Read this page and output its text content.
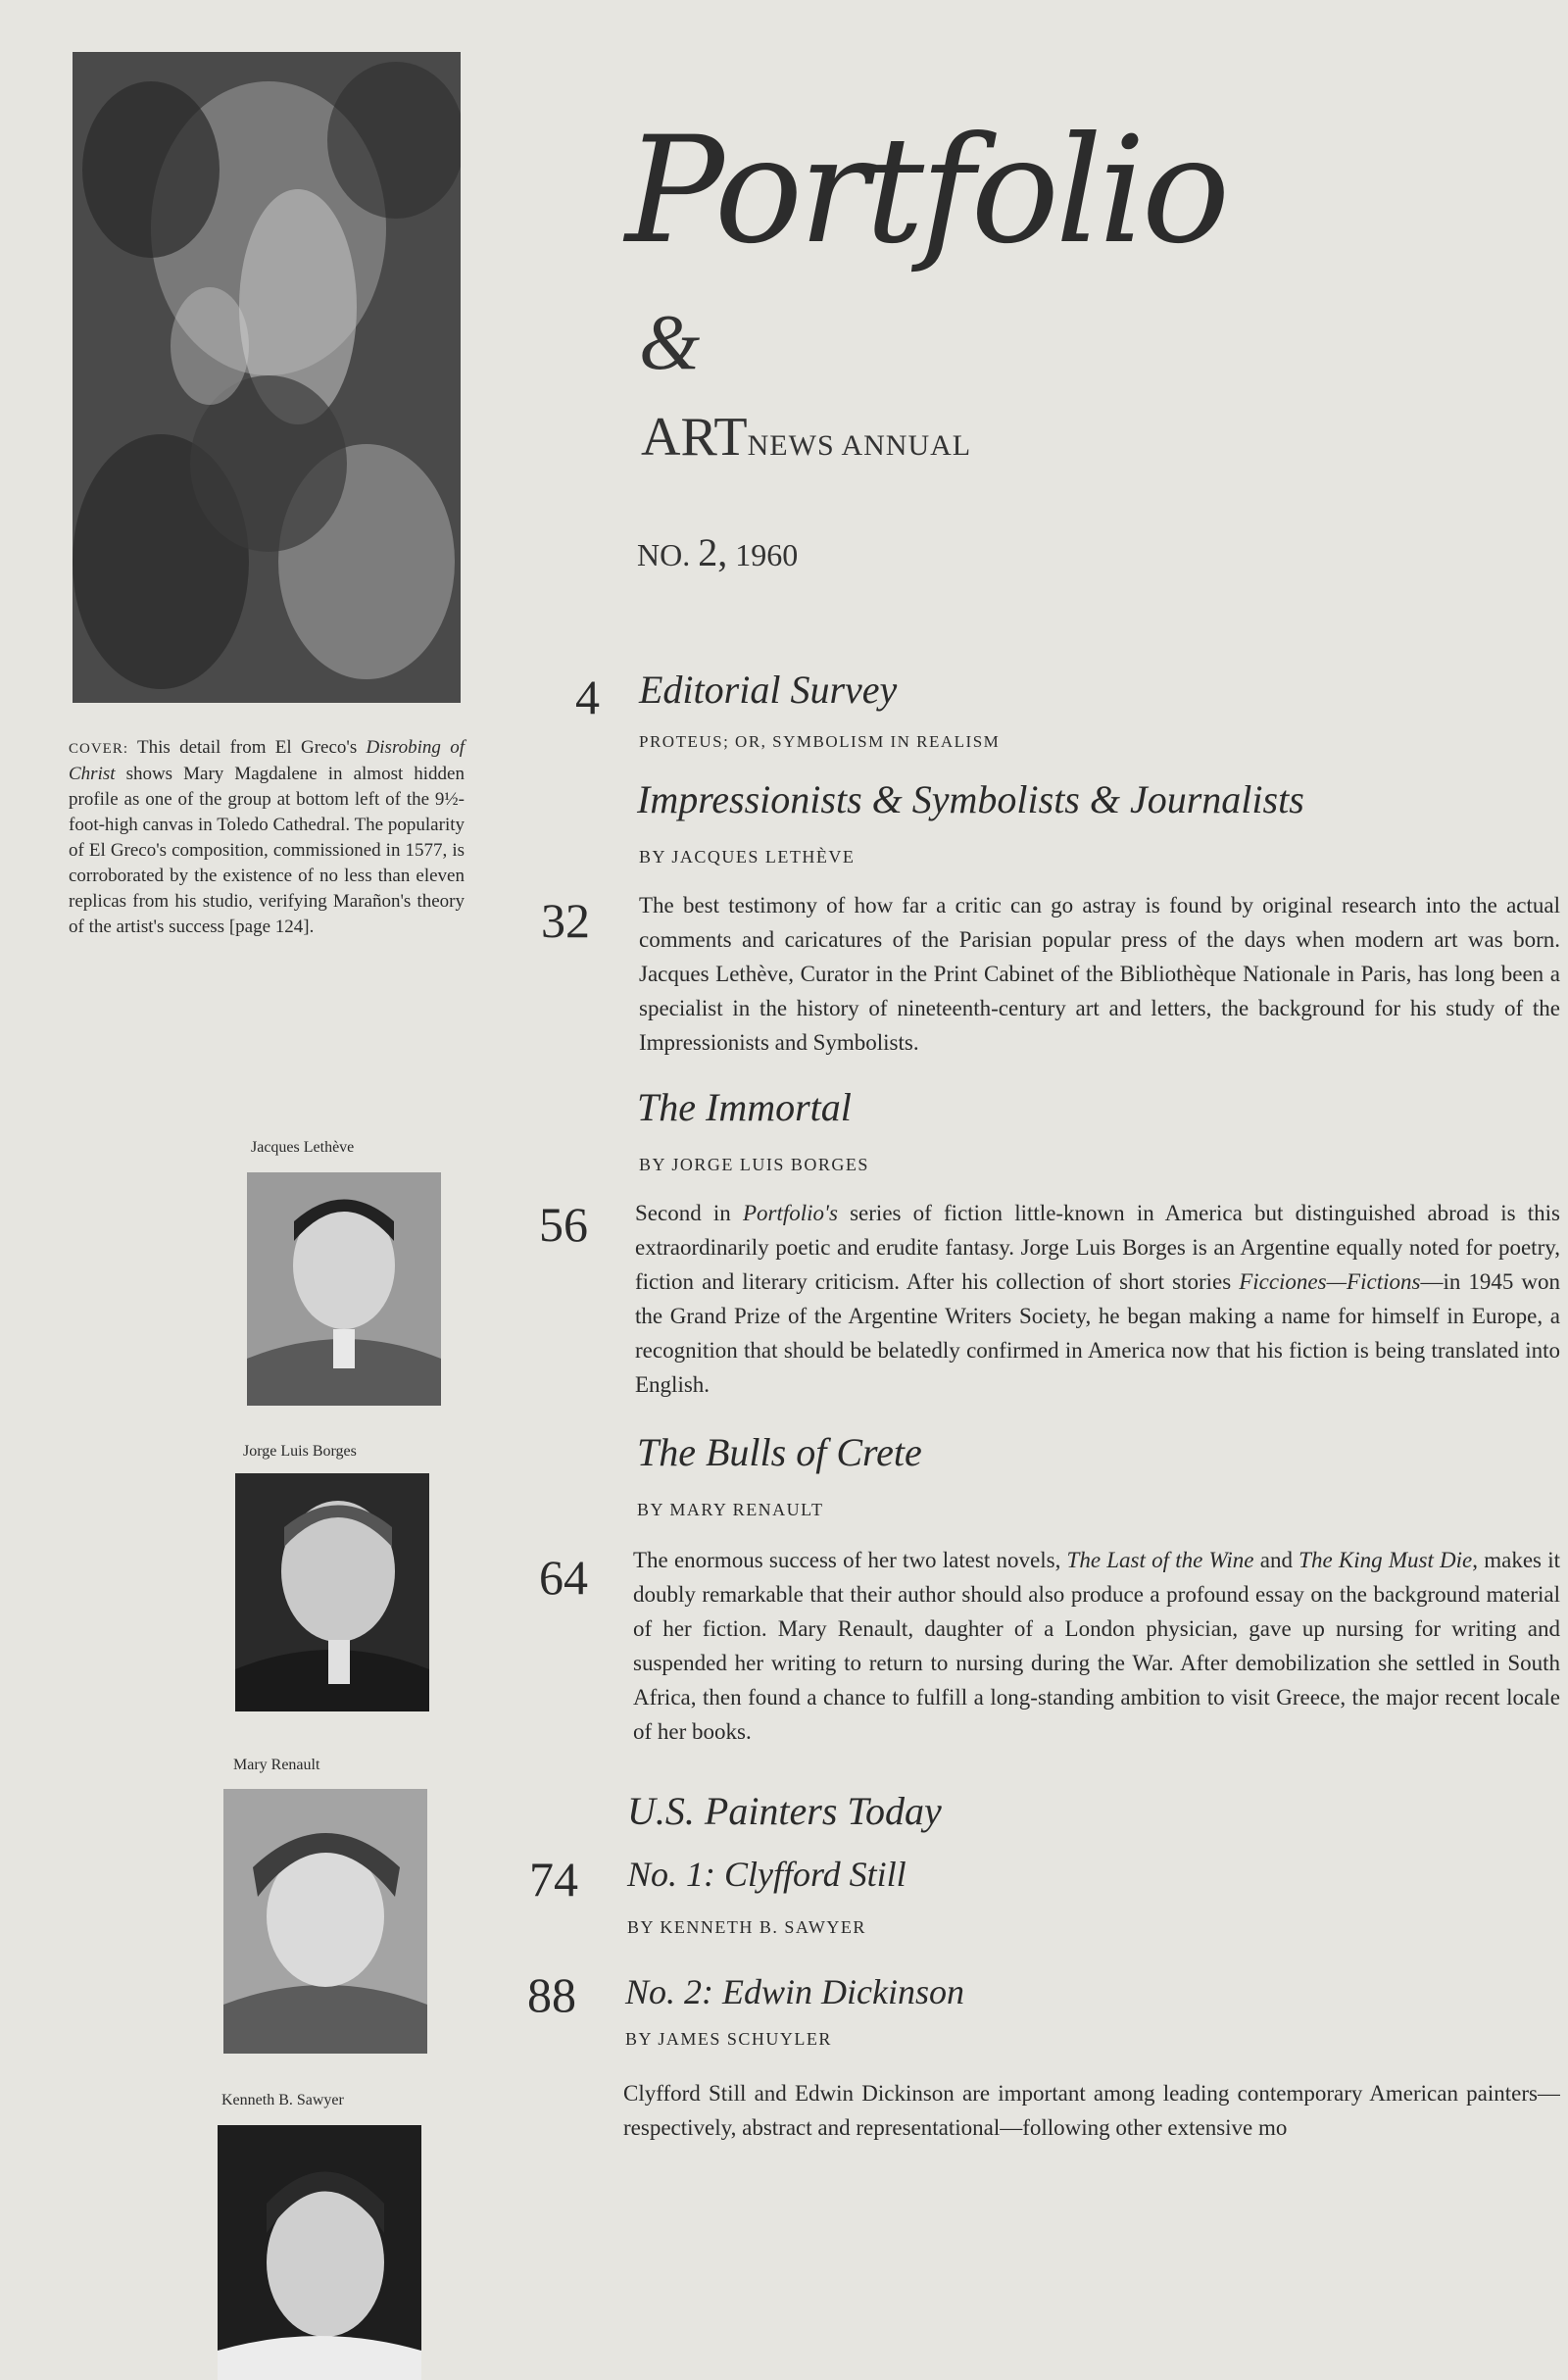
COVER: This detail from El Greco's Disrobing of Christ shows Mary Magdalene in almost hidden profile as one of the group at bottom left of the 9½-foot-high canvas in Toledo Cathedral. The popularity of El Greco's composition, commissioned in 1577, is corroborated by the existence of no less than eleven replicas from his studio, verifying Marañon's theory of the artist's success [page 124].
Jacques Lethève
Jorge Luis Borges
Mary Renault
Kenneth B. Sawyer
Portfolio
&
ARTNEWS ANNUAL
NO. 2, 1960
4 Editorial Survey
PROTEUS; OR, SYMBOLISM IN REALISM
Impressionists & Symbolists & Journalists
BY JACQUES LETHÈVE
32 The best testimony of how far a critic can go astray is found by original research into the actual comments and caricatures of the Parisian popular press of the days when modern art was born. Jacques Lethève, Curator in the Print Cabinet of the Bibliothèque Nationale in Paris, has long been a specialist in the history of nineteenth-century art and letters, the background for his study of the Impressionists and Symbolists.
The Immortal
BY JORGE LUIS BORGES
56 Second in Portfolio's series of fiction little-known in America but distinguished abroad is this extraordinarily poetic and erudite fantasy. Jorge Luis Borges is an Argentine equally noted for poetry, fiction and literary criticism. After his collection of short stories Ficciones—Fictions—in 1945 won the Grand Prize of the Argentine Writers Society, he began making a name for himself in Europe, a recognition that should be belatedly confirmed in America now that his fiction is being translated into English.
The Bulls of Crete
BY MARY RENAULT
64 The enormous success of her two latest novels, The Last of the Wine and The King Must Die, makes it doubly remarkable that their author should also produce a profound essay on the background material of her fiction. Mary Renault, daughter of a London physician, gave up nursing for writing and suspended her writing to return to nursing during the War. After demobilization she settled in South Africa, then found a chance to fulfill a long-standing ambition to visit Greece, the major recent locale of her books.
U.S. Painters Today
74 No. 1: Clyfford Still
BY KENNETH B. SAWYER
88 No. 2: Edwin Dickinson
BY JAMES SCHUYLER
Clyfford Still and Edwin Dickinson are important among leading contemporary American painters—respectively, abstract and representational—following other extensive mo
